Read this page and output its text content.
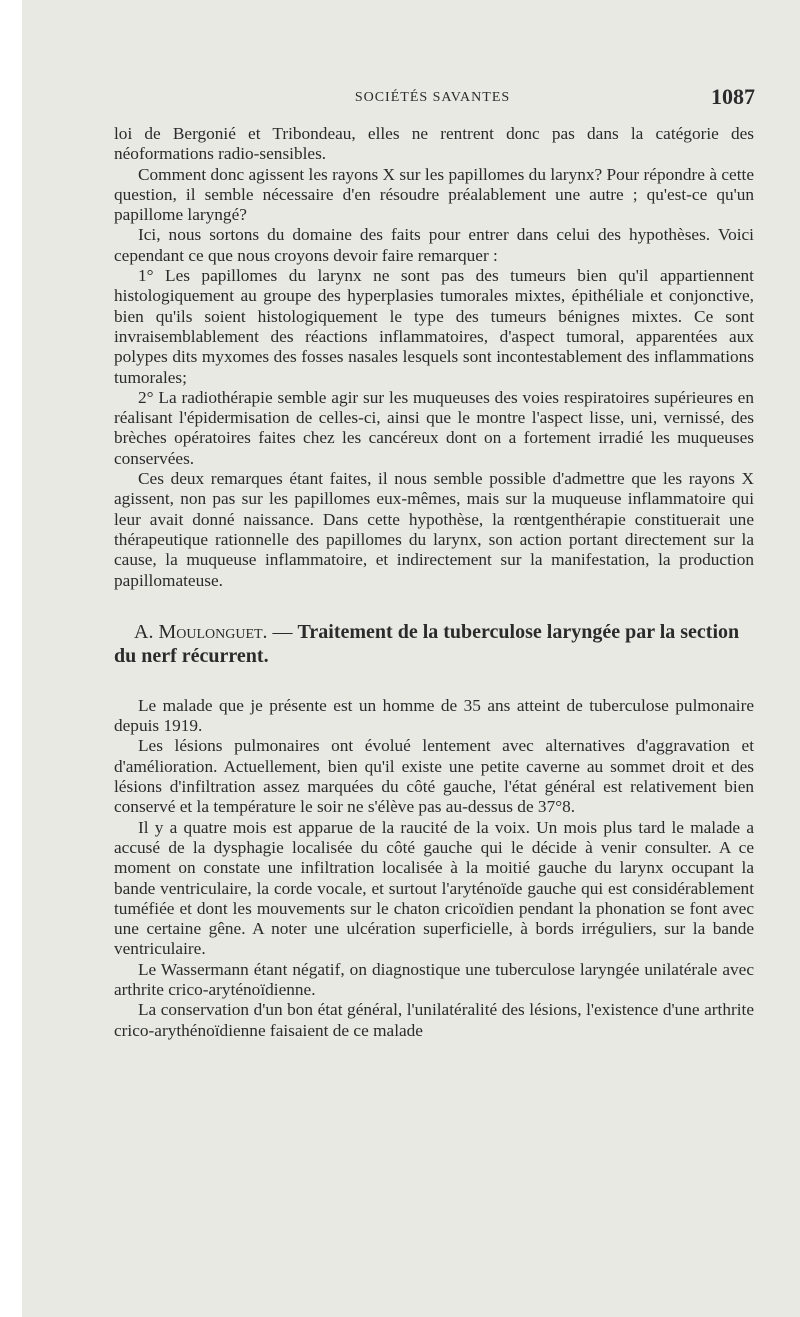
SOCIÉTÉS SAVANTES	1087

loi de Bergonié et Tribondeau, elles ne rentrent donc pas dans la catégorie des néoformations radio-sensibles.

Comment donc agissent les rayons X sur les papillomes du larynx? Pour répondre à cette question, il semble nécessaire d'en résoudre préalablement une autre ; qu'est-ce qu'un papillome laryngé?

Ici, nous sortons du domaine des faits pour entrer dans celui des hypothèses. Voici cependant ce que nous croyons devoir faire remarquer :

1° Les papillomes du larynx ne sont pas des tumeurs bien qu'il appartiennent histologiquement au groupe des hyperplasies tumorales mixtes, épithéliale et conjonctive, bien qu'ils soient histologiquement le type des tumeurs bénignes mixtes. Ce sont invraisemblablement des réactions inflammatoires, d'aspect tumoral, apparentées aux polypes dits myxomes des fosses nasales lesquels sont incontestablement des inflammations tumorales;

2° La radiothérapie semble agir sur les muqueuses des voies respiratoires supérieures en réalisant l'épidermisation de celles-ci, ainsi que le montre l'aspect lisse, uni, vernissé, des brèches opératoires faites chez les cancéreux dont on a fortement irradié les muqueuses conservées.

Ces deux remarques étant faites, il nous semble possible d'admettre que les rayons X agissent, non pas sur les papillomes eux-mêmes, mais sur la muqueuse inflammatoire qui leur avait donné naissance. Dans cette hypothèse, la rœntgenthérapie constituerait une thérapeutique rationnelle des papillomes du larynx, son action portant directement sur la cause, la muqueuse inflammatoire, et indirectement sur la manifestation, la production papillomateuse.

A. Moulonguet. — Traitement de la tuberculose laryngée par la section du nerf récurrent.

Le malade que je présente est un homme de 35 ans atteint de tuberculose pulmonaire depuis 1919.

Les lésions pulmonaires ont évolué lentement avec alternatives d'aggravation et d'amélioration. Actuellement, bien qu'il existe une petite caverne au sommet droit et des lésions d'infiltration assez marquées du côté gauche, l'état général est relativement bien conservé et la température le soir ne s'élève pas au-dessus de 37°8.

Il y a quatre mois est apparue de la raucité de la voix. Un mois plus tard le malade a accusé de la dysphagie localisée du côté gauche qui le décide à venir consulter. A ce moment on constate une infiltration localisée à la moitié gauche du larynx occupant la bande ventriculaire, la corde vocale, et surtout l'aryténoïde gauche qui est considérablement tuméfiée et dont les mouvements sur le chaton cricoïdien pendant la phonation se font avec une certaine gêne. A noter une ulcération superficielle, à bords irréguliers, sur la bande ventriculaire.

Le Wassermann étant négatif, on diagnostique une tuberculose laryngée unilatérale avec arthrite crico-aryténoïdienne.

La conservation d'un bon état général, l'unilatéralité des lésions, l'existence d'une arthrite crico-arythénoïdienne faisaient de ce malade
